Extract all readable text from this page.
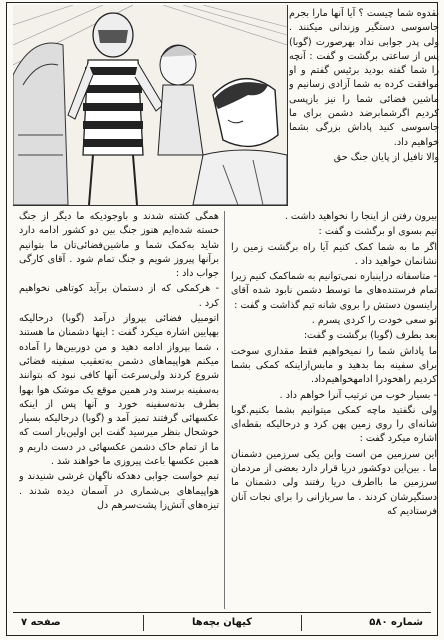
بقدوه شما چیست ؟ آیا آنها مارا بجرم جاسوسی دستگیر وزندانی میکنند . ولی پدر جوابی نداد بهرصورت (گوبا) پس از ساعتی برگشت و گفت : آنچه را شما گفته بودید برئیس گفتم و او موافقت کرده به شما آزادی زسانیم و ماشین فضائی شما را نیز بازپسی کردیم اگرشمابرضد دشمن برای ما جاسوسی کنید پاداش بزرگی بشما خواهیم داد.

والا تافیل از پایان جنگ حق

بیرون رفتن از اینجا را نخواهید داشت .

تیم بسوی او برگشت و گفت :

اگر ما به شما کمک کنیم آیا راه برگشت زمین را نشانمان خواهید داد .

- متاسفانه دراینباره نمی‌توانیم به شماکمک کنیم زیرا تمام فرستنده‌های ما توسط دشمن نابود شده آقای راینسون دستش را بروی شانه تیم گذاشت و گفت :

تو سعی خودت را کردی پسرم .

بعد بطرف (گوبا) برگشت و گفت:

ما پاداش شما را نمیخواهیم فقط مقداری سوخت برای سفینه بما بدهید و مابس‌ازاینکه کمکی بشما کردیم راهخودرا ادامهخواهیم‌داد.

- بسیار خوب من ترتیب آنرا خواهم داد .

ولی نگفتید ماچه کمکی میتوانیم بشما بکنیم.گوبا شانه‌ای را روی زمین پهن کرد و درحالیکه بقطه‌ای اشاره میکرد گفت :

این سرزمین من است واین یکی سرزمین دشمنان ما . بین‌این دوکشور دریا قرار دارد بعضی از مردمان سرزمین ما بااطرف دریا رفتند ولی دشمنان ما دستگیرشان کردند . ما سربازانی را برای نجات آنان فرستادیم که

همگی کشته شدند و باوجودیکه ما دیگر از جنگ خسته شده‌ایم هنوز جنگ بین دو کشور ادامه دارد شاید به‌کمک شما و ماشین‌فضائی‌تان ما بتوانیم برآنها پیروز شویم و جنگ تمام شود . آقای کارگی جواب داد :

- هرکمکی که از دستمان برآید کوتاهی نخواهیم کرد .

اتومبیل فضائی بپرواز درآمد (گوبا) درحالیکه بهپایین اشاره میکرد گفت : اینها دشمنان ما هستند ، شما بپرواز ادامه دهید و من دوربین‌ها را آماده میکنم هواپیماهای دشمن به‌تعقیب سفینه فضائی شروع کردند ولی‌سرعت آنها کافی نبود که بتوانند به‌سفینه برسند ودر همین موقع یک موشک هوا بهوا بطرف بدنه‌سفینه خورد و آنها پس از اینکه عکسهائی گرفتند تمیز آمد و (گوبا) درحالیکه بسیار خوشحال بنظر میرسید گفت این اولین‌بار است که ما از تمام خاک دشمن عکسهائی در دست داریم و همین عکسها باعث پیروزی ما خواهند شد .

تیم خواست جوابی دهدکه ناگهان غرشی شنیدند و هواپیماهای بی‌شماری در آسمان دیده شدند . تیزه‌های آتش‌زا پشت‌سرهم دل

شماره ۵۸۰
کیهان بچه‌ها
صفحه ۷
